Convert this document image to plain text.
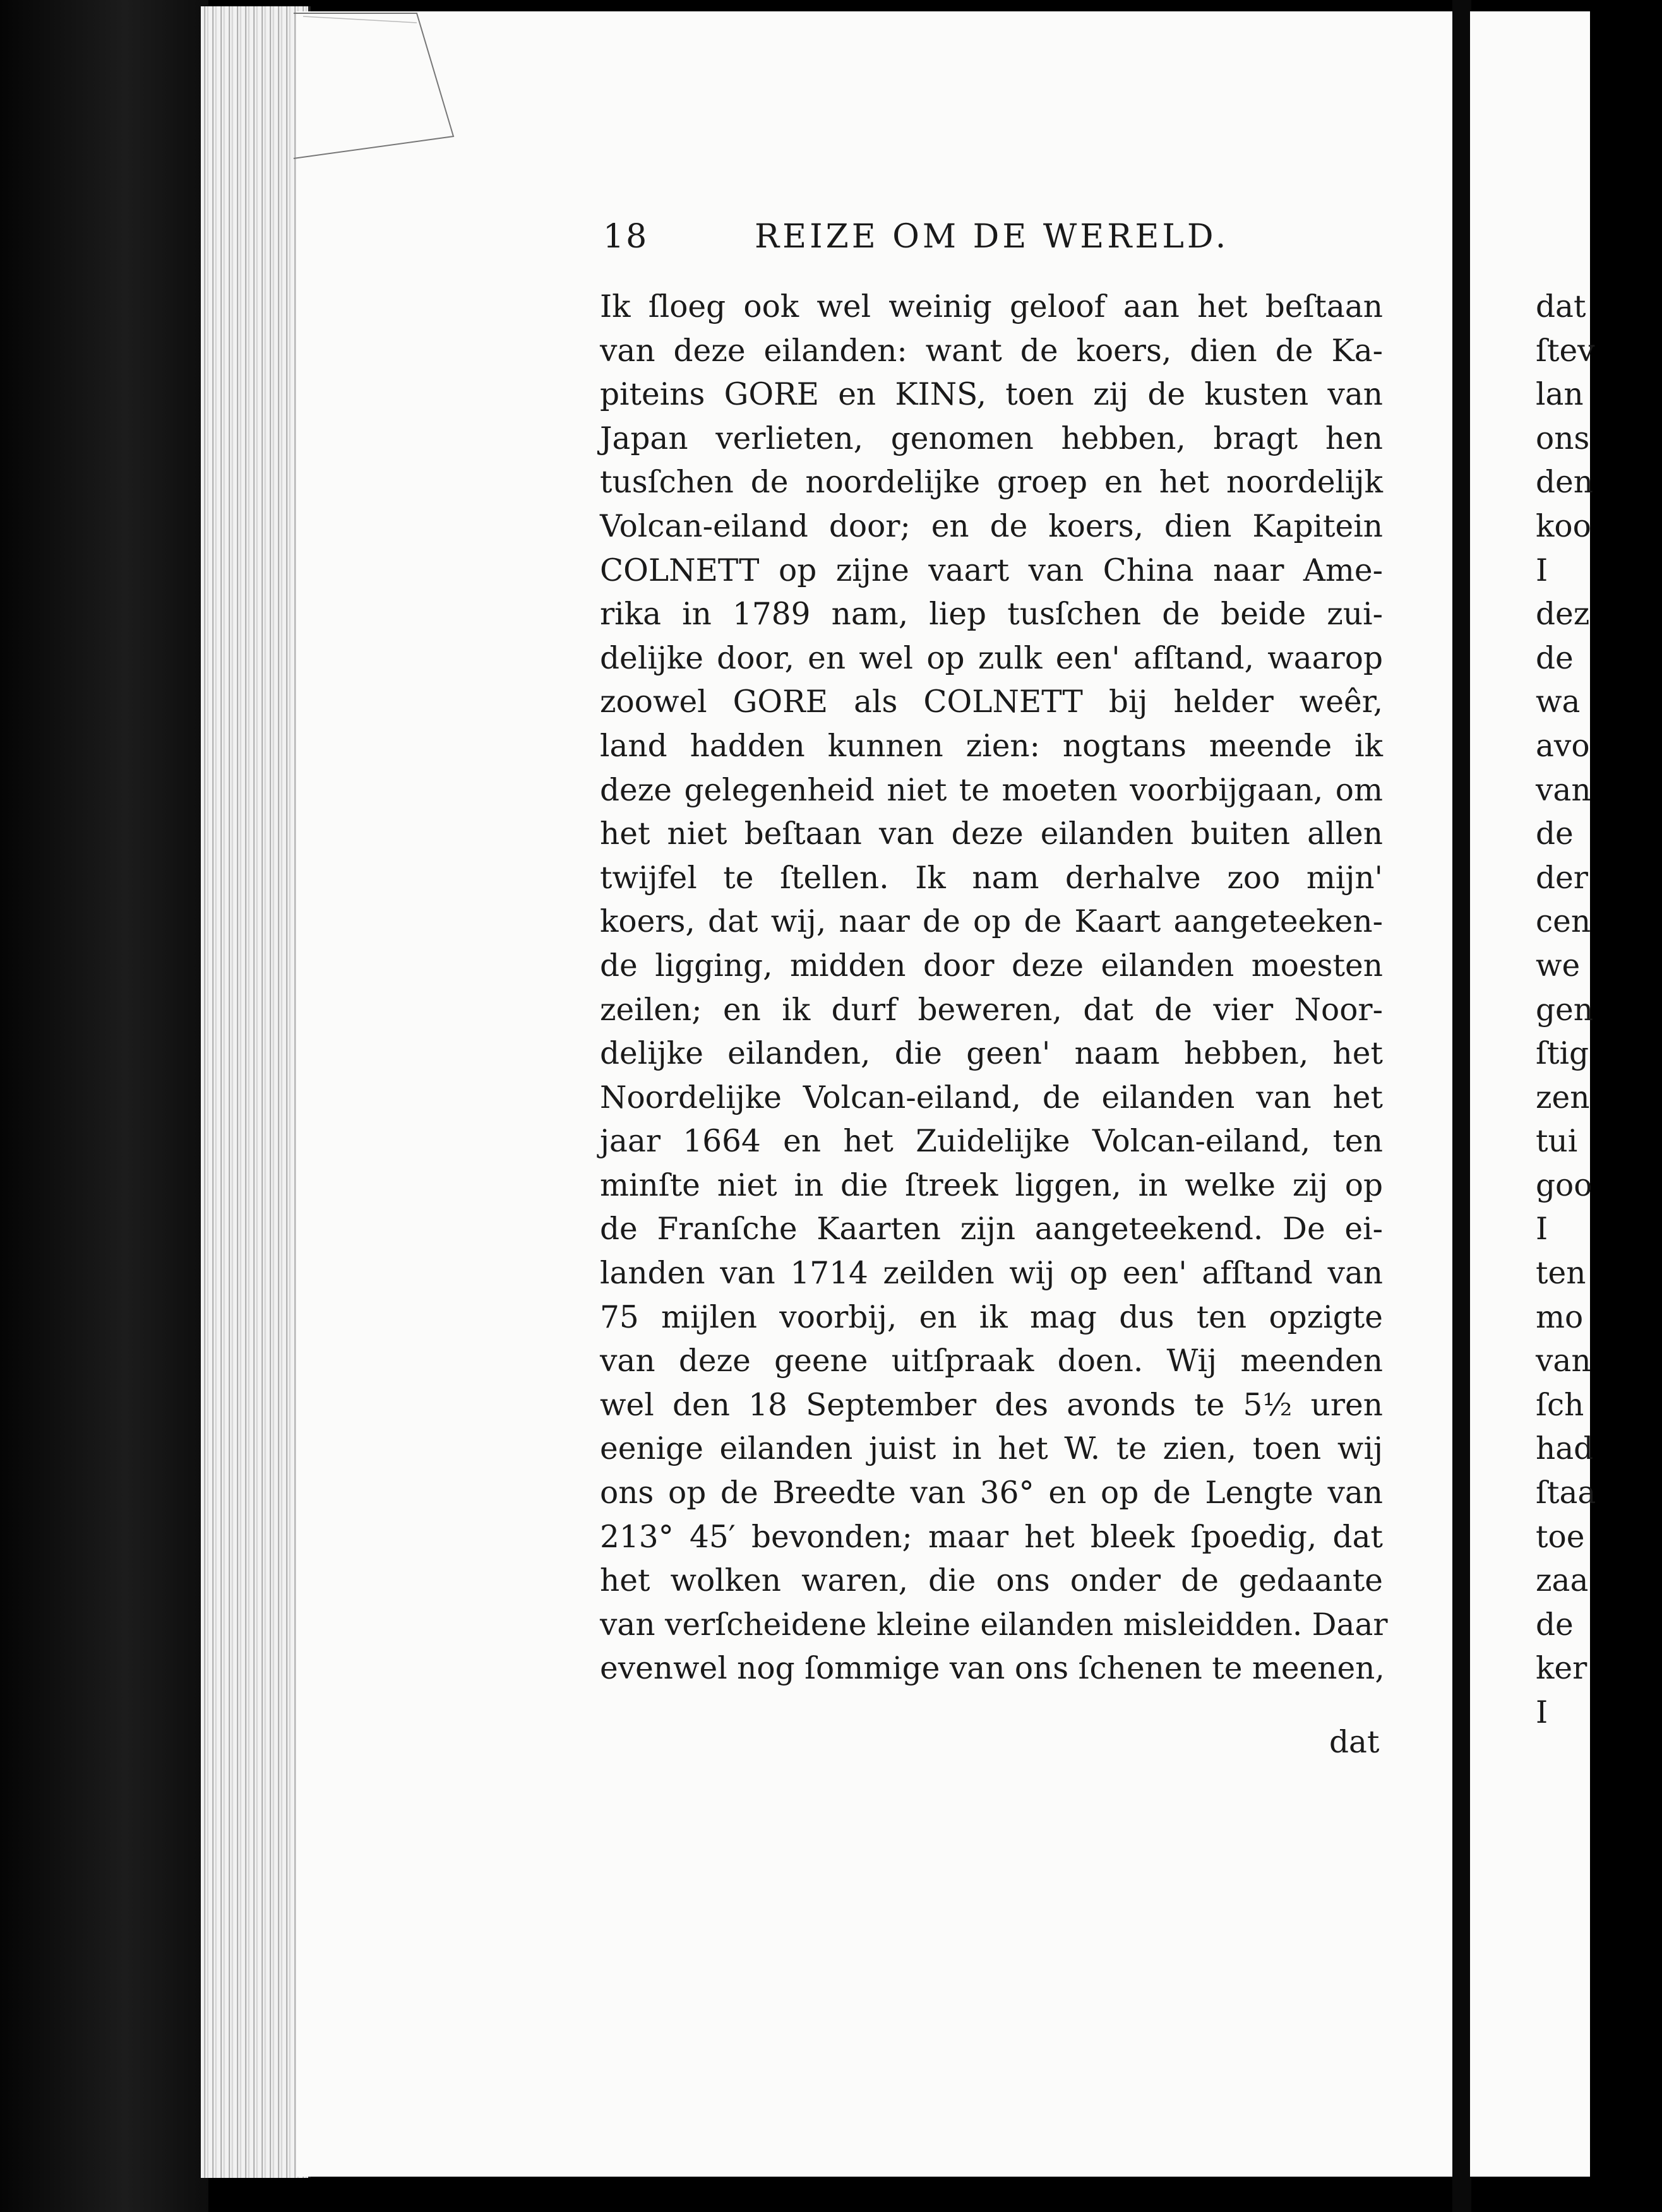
18	REIZE OM DE WERELD.
Ik ſloeg ook wel weinig geloof aan het beſtaan
van deze eilanden: want de koers, dien de Ka-
piteins GORE en KINS, toen zij de kusten van
Japan verlieten, genomen hebben, bragt hen
tusſchen de noordelijke groep en het noordelijk
Volcan-eiland door; en de koers, dien Kapitein
COLNETT op zijne vaart van China naar Ame-
rika in 1789 nam, liep tusſchen de beide zui-
delijke door, en wel op zulk een' afſtand, waarop
zoowel GORE als COLNETT bij helder weêr,
land hadden kunnen zien: nogtans meende ik
deze gelegenheid niet te moeten voorbijgaan, om
het niet beſtaan van deze eilanden buiten allen
twijfel te ſtellen. Ik nam derhalve zoo mijn'
koers, dat wij, naar de op de Kaart aangeteeken-
de ligging, midden door deze eilanden moesten
zeilen; en ik durf beweren, dat de vier Noor-
delijke eilanden, die geen' naam hebben, het
Noordelijke Volcan-eiland, de eilanden van het
jaar 1664 en het Zuidelijke Volcan-eiland, ten
minſte niet in die ſtreek liggen, in welke zij op
de Franſche Kaarten zijn aangeteekend. De ei-
landen van 1714 zeilden wij op een' afſtand van
75 mijlen voorbij, en ik mag dus ten opzigte
van deze geene uitſpraak doen. Wij meenden
wel den 18 September des avonds te 5½ uren
eenige eilanden juist in het W. te zien, toen wij
ons op de Breedte van 36° en op de Lengte van
213° 45′ bevonden; maar het bleek ſpoedig, dat
het wolken waren, die ons onder de gedaante
van verſcheidene kleine eilanden misleidden. Daar
evenwel nog ſommige van ons ſchenen te meenen,
dat
dat
ſtev
lan
ons
den
koo
I
dez
de
wa
avo
van
de
der
cen
we
gen
ſtig
zen
tui
goo
I
ten
mo
van
ſch
had
ſtaa
toe
zaa
de
ker
I
